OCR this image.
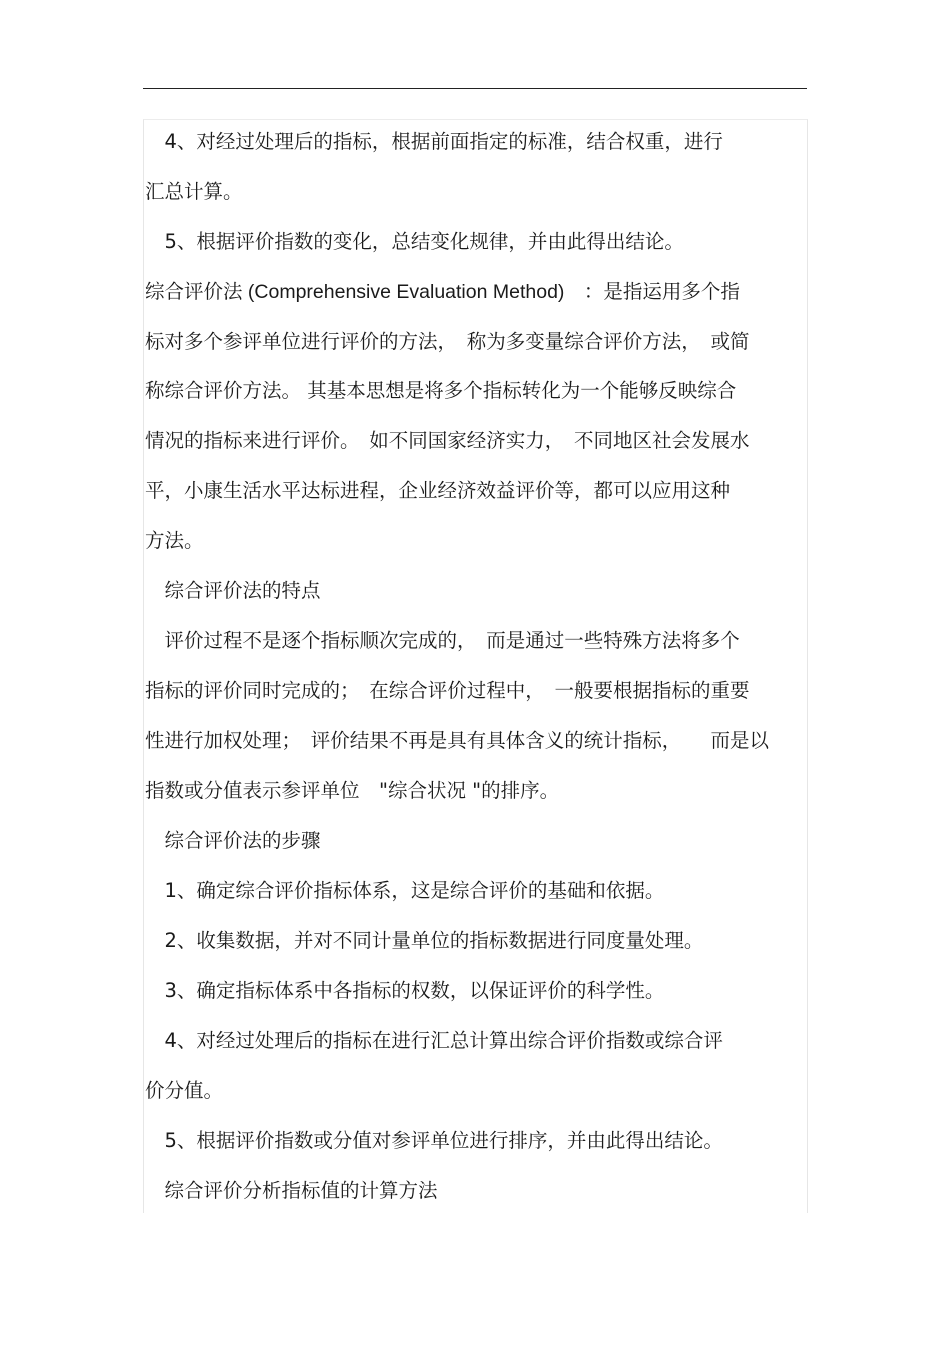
　4、对经过处理后的指标，根据前面指定的标准，结合权重，进行
汇总计算。
　5、根据评价指数的变化，总结变化规律，并由此得出结论。
综合评价法 (Comprehensive Evaluation Method)　：是指运用多个指
标对多个参评单位进行评价的方法，　称为多变量综合评价方法，　或简
称综合评价方法。 其基本思想是将多个指标转化为一个能够反映综合
情况的指标来进行评价。　如不同国家经济实力，　不同地区社会发展水
平，小康生活水平达标进程，企业经济效益评价等，都可以应用这种
方法。
　综合评价法的特点
　评价过程不是逐个指标顺次完成的，　而是通过一些特殊方法将多个
指标的评价同时完成的；　在综合评价过程中，　一般要根据指标的重要
性进行加权处理；　评价结果不再是具有具体含义的统计指标，　　而是以
指数或分值表示参评单位　"综合状况 "的排序。
　综合评价法的步骤
　1、确定综合评价指标体系，这是综合评价的基础和依据。
　2、收集数据，并对不同计量单位的指标数据进行同度量处理。
　3、确定指标体系中各指标的权数，以保证评价的科学性。
　4、对经过处理后的指标在进行汇总计算出综合评价指数或综合评
价分值。
　5、根据评价指数或分值对参评单位进行排序，并由此得出结论。
　综合评价分析指标值的计算方法
